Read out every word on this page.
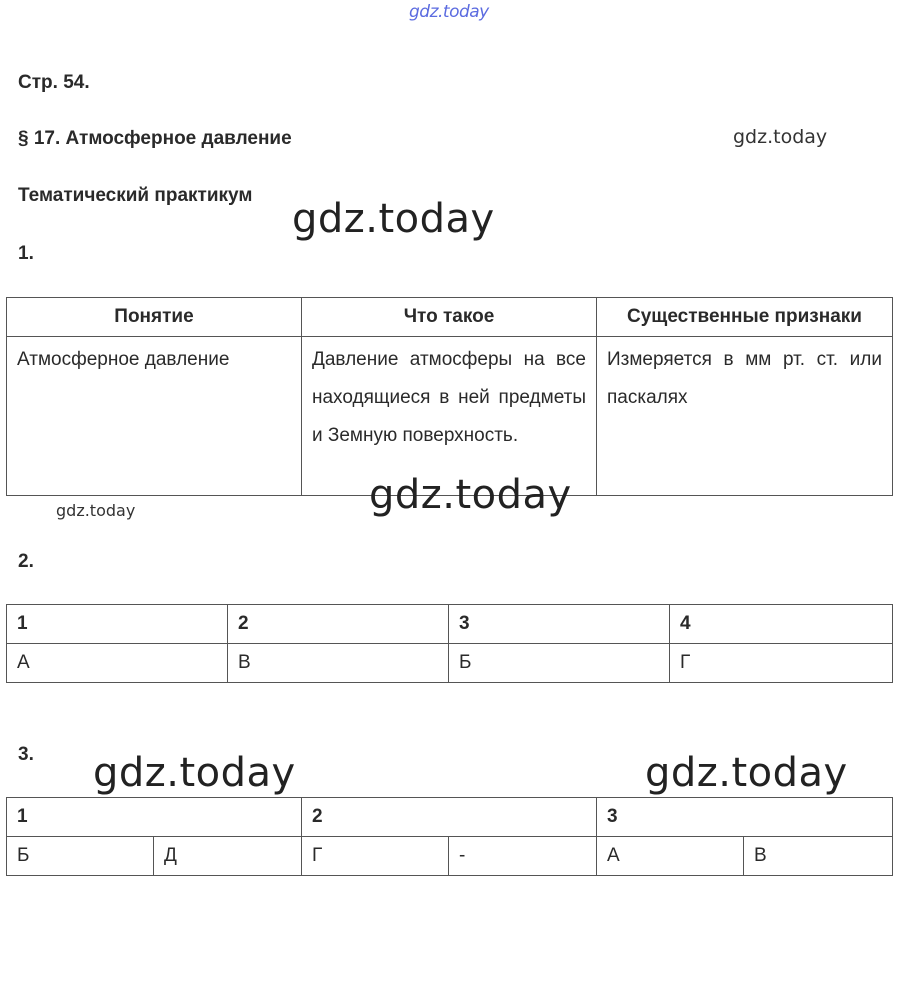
gdz.today
gdz.today
gdz.today
Стр. 54.
§ 17. Атмосферное давление
Тематический практикум
1.
Понятие	Что такое	Существенные признаки
Атмосферное давление	Давление атмосферы на все находящиеся в ней предметы и Земную поверхность.	Измеряется в мм рт. ст. или паскалях
gdz.today	gdz.today
2.
1	2	3	4
А	В	Б	Г
3. gdz.today	gdz.today
1		2		3	
Б	Д	Г	-	А	В
